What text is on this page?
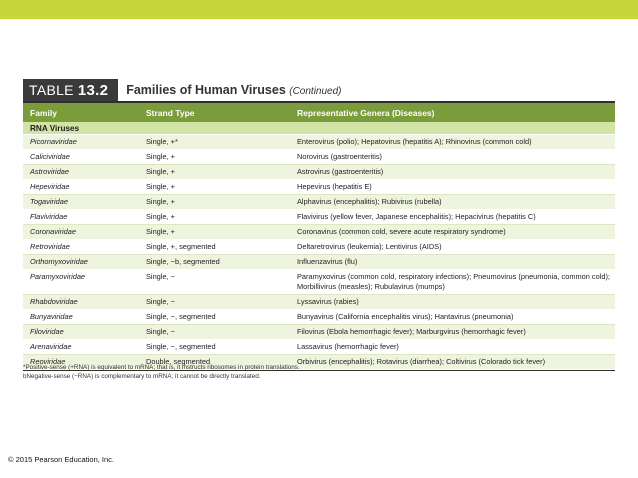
TABLE 13.2 Families of Human Viruses (Continued)
Family	Strand Type	Representative Genera (Diseases)
RNA Viruses
Picornaviridae	Single, +*	Enterovirus (polio); Hepatovirus (hepatitis A); Rhinovirus (common cold)
Caliciviridae	Single, +	Norovirus (gastroenteritis)
Astroviridae	Single, +	Astrovirus (gastroenteritis)
Hepeviridae	Single, +	Hepevirus (hepatitis E)
Togaviridae	Single, +	Alphavirus (encephalitis); Rubivirus (rubella)
Flaviviridae	Single, +	Flavivirus (yellow fever, Japanese encephalitis); Hepacivirus (hepatitis C)
Coronaviridae	Single, +	Coronavirus (common cold, severe acute respiratory syndrome)
Retroviridae	Single, +, segmented	Deltaretrovirus (leukemia); Lentivirus (AIDS)
Orthomyxoviridae	Single, −b, segmented	Influenzavirus (flu)
Paramyxoviridae	Single, −	Paramyxovirus (common cold, respiratory infections); Pneumovirus (pneumonia, common cold); Morbillivirus (measles); Rubulavirus (mumps)
Rhabdoviridae	Single, −	Lyssavirus (rabies)
Bunyaviridae	Single, −, segmented	Bunyavirus (California encephalitis virus); Hantavirus (pneumonia)
Filoviridae	Single, −	Filovirus (Ebola hemorrhagic fever); Marburgvirus (hemorrhagic fever)
Arenaviridae	Single, −, segmented	Lassavirus (hemorrhagic fever)
Reoviridae	Double, segmented	Orbivirus (encephalitis); Rotavirus (diarrhea); Coltivirus (Colorado tick fever)
*Positive-sense (+RNA) is equivalent to mRNA; that is, it instructs ribosomes in protein translations.
bNegative-sense (−RNA) is complementary to mRNA; it cannot be directly translated.
© 2015 Pearson Education, Inc.
